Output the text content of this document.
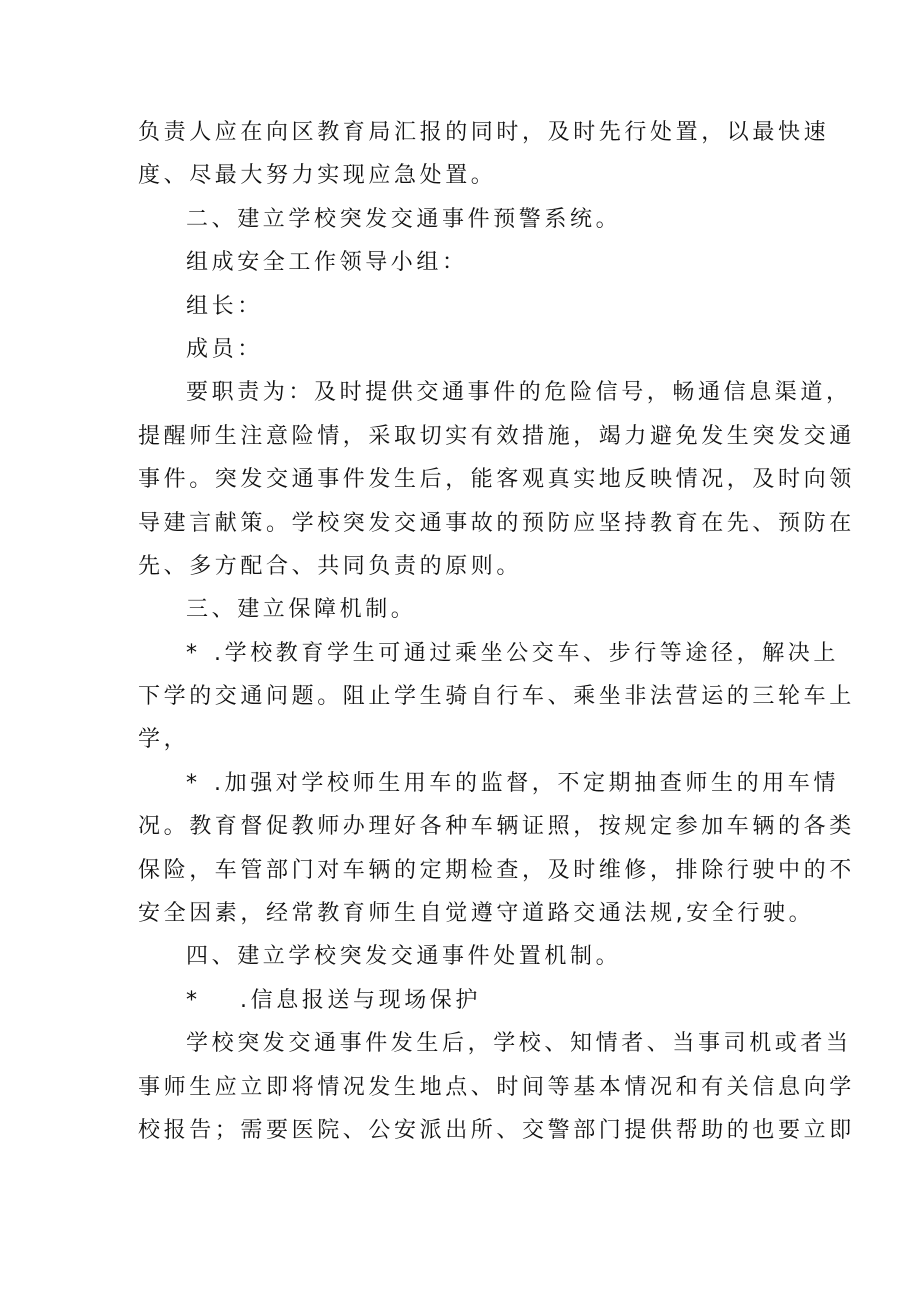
负责人应在向区教育局汇报的同时，及时先行处置，以最快速
度、尽最大努力实现应急处置。
二、建立学校突发交通事件预警系统。
组成安全工作领导小组：
组长：
成员：
要职责为：及时提供交通事件的危险信号，畅通信息渠道，
提醒师生注意险情，采取切实有效措施，竭力避免发生突发交通
事件。突发交通事件发生后，能客观真实地反映情况，及时向领
导建言献策。学校突发交通事故的预防应坚持教育在先、预防在
先、多方配合、共同负责的原则。
三、建立保障机制。
* .学校教育学生可通过乘坐公交车、步行等途径，解决上
下学的交通问题。阻止学生骑自行车、乘坐非法营运的三轮车上
学，
* .加强对学校师生用车的监督，不定期抽查师生的用车情
况。教育督促教师办理好各种车辆证照，按规定参加车辆的各类
保险，车管部门对车辆的定期检查，及时维修，排除行驶中的不
安全因素，经常教育师生自觉遵守道路交通法规,安全行驶。
四、建立学校突发交通事件处置机制。
* .信息报送与现场保护
学校突发交通事件发生后，学校、知情者、当事司机或者当
事师生应立即将情况发生地点、时间等基本情况和有关信息向学
校报告；需要医院、公安派出所、交警部门提供帮助的也要立即
